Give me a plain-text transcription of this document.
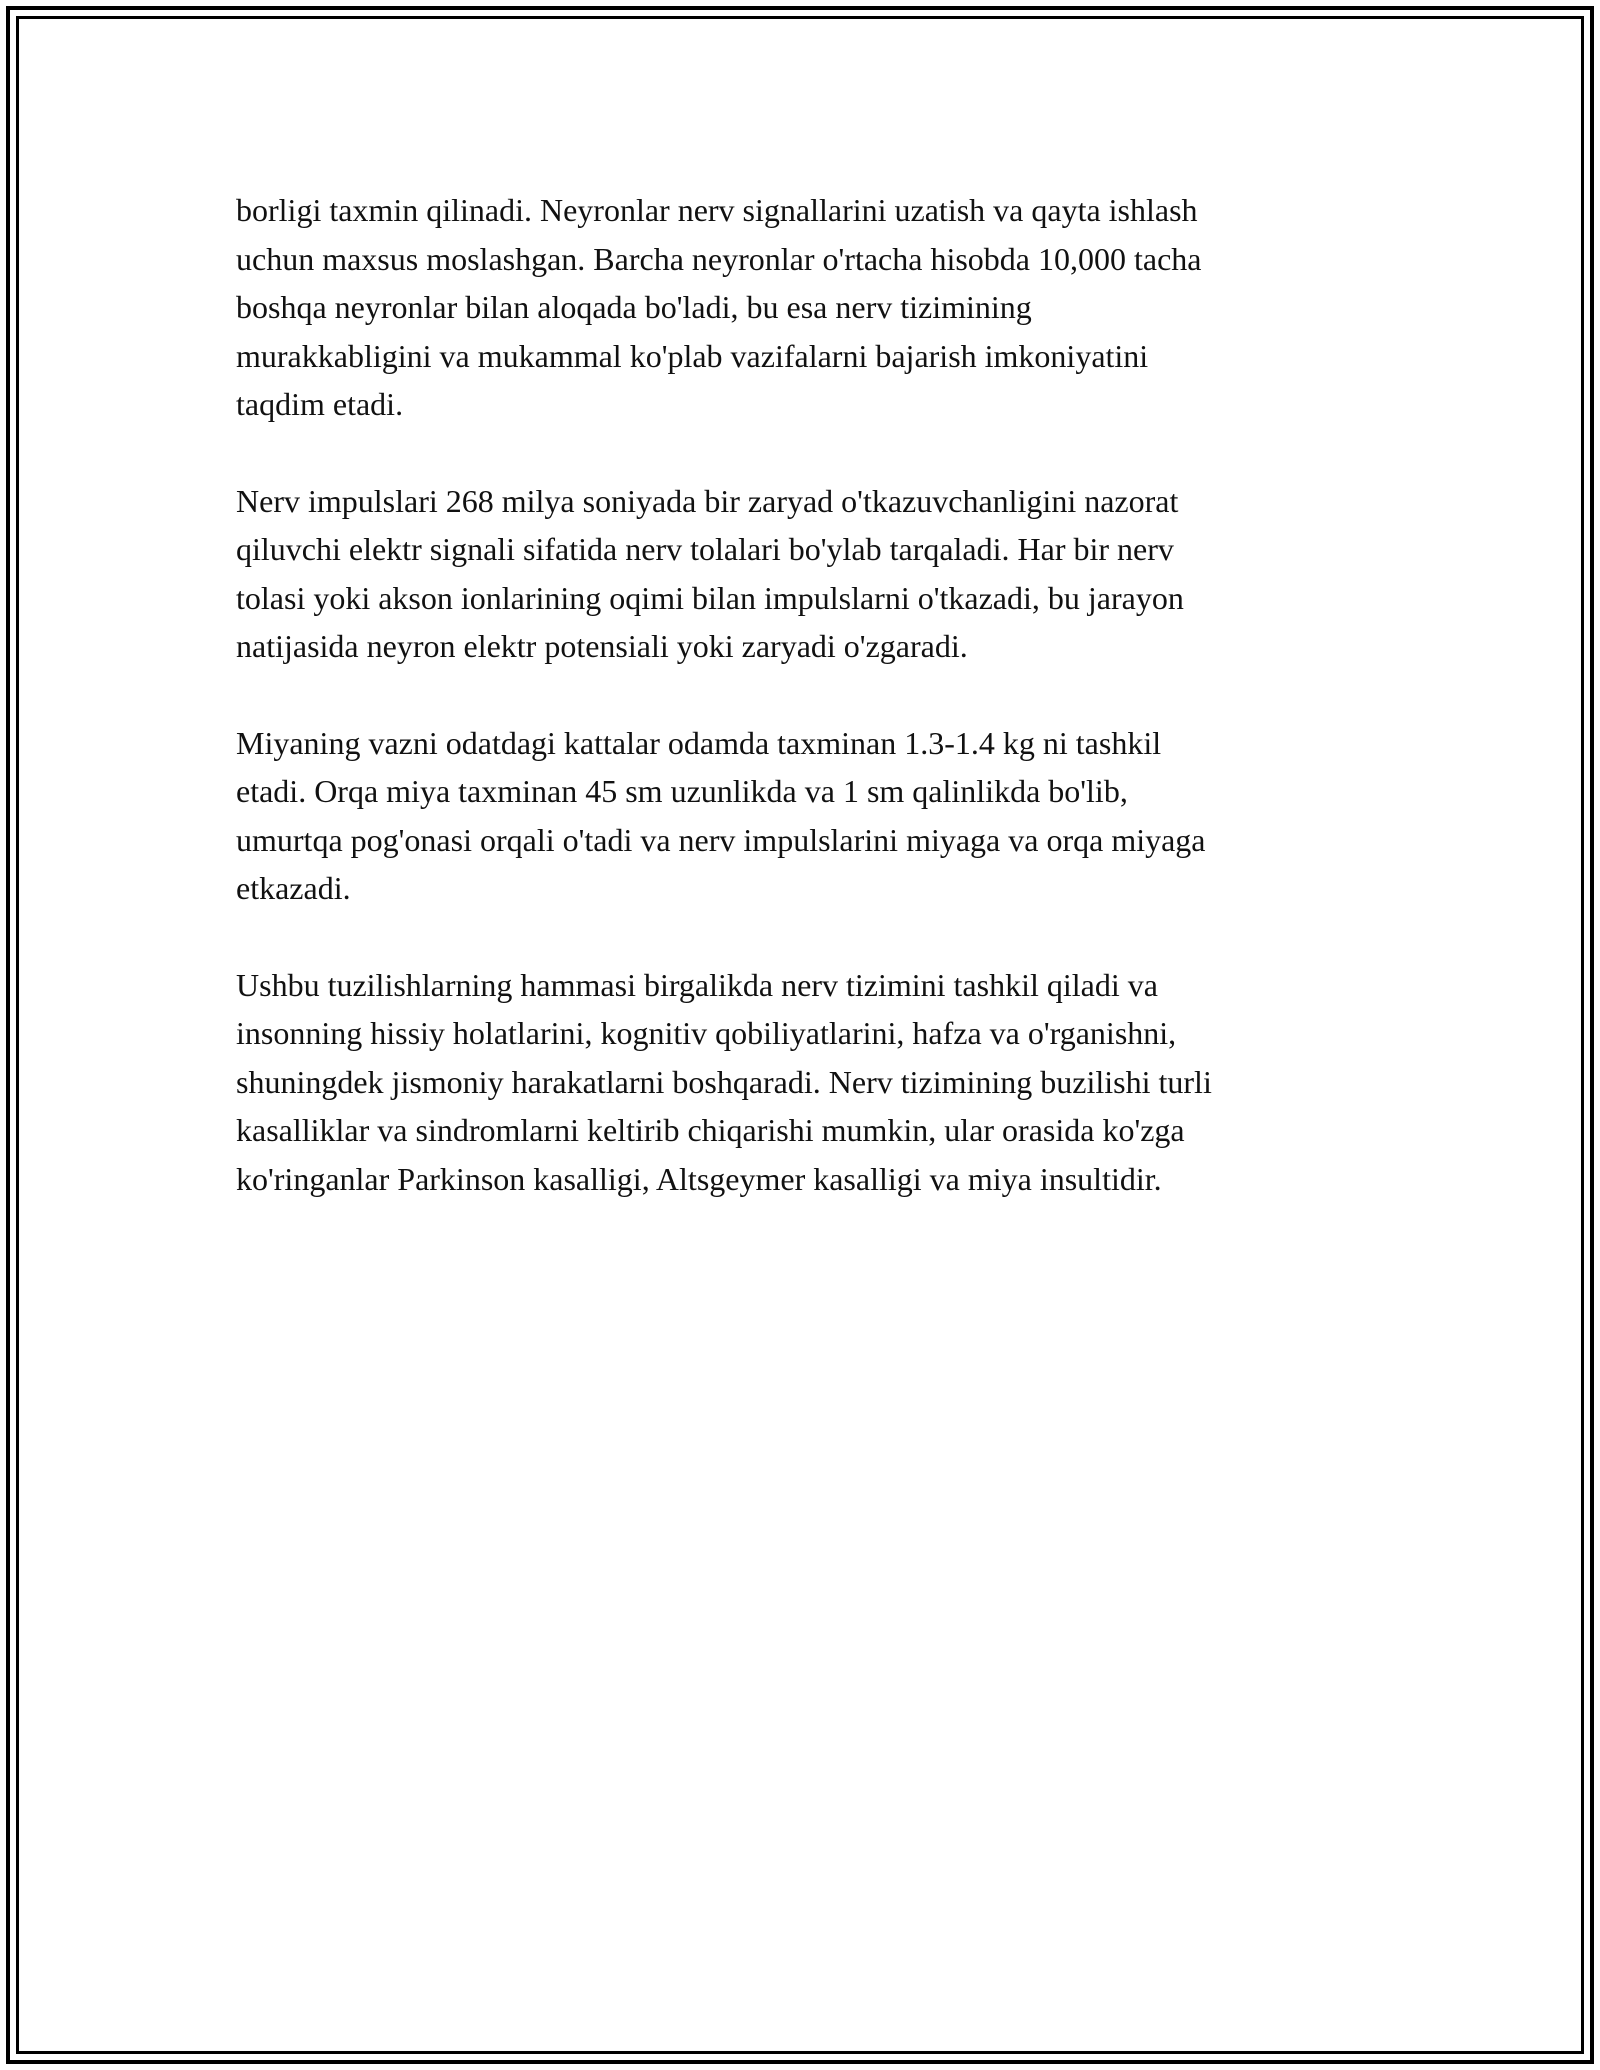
borligi taxmin qilinadi. Neyronlar nerv signallarini uzatish va qayta ishlash
uchun maxsus moslashgan. Barcha neyronlar o'rtacha hisobda 10,000 tacha
boshqa neyronlar bilan aloqada bo'ladi, bu esa nerv tizimining
murakkabligini va mukammal ko'plab vazifalarni bajarish imkoniyatini
taqdim etadi.

Nerv impulslari 268 milya soniyada bir zaryad o'tkazuvchanligini nazorat
qiluvchi elektr signali sifatida nerv tolalari bo'ylab tarqaladi. Har bir nerv
tolasi yoki akson ionlarining oqimi bilan impulslarni o'tkazadi, bu jarayon
natijasida neyron elektr potensiali yoki zaryadi o'zgaradi.

Miyaning vazni odatdagi kattalar odamda taxminan 1.3-1.4 kg ni tashkil
etadi. Orqa miya taxminan 45 sm uzunlikda va 1 sm qalinlikda bo'lib,
umurtqa pog'onasi orqali o'tadi va nerv impulslarini miyaga va orqa miyaga
etkazadi.

Ushbu tuzilishlarning hammasi birgalikda nerv tizimini tashkil qiladi va
insonning hissiy holatlarini, kognitiv qobiliyatlarini, hafza va o'rganishni,
shuningdek jismoniy harakatlarni boshqaradi. Nerv tizimining buzilishi turli
kasalliklar va sindromlarni keltirib chiqarishi mumkin, ular orasida ko'zga
ko'ringanlar Parkinson kasalligi, Altsgeymer kasalligi va miya insultidir.
